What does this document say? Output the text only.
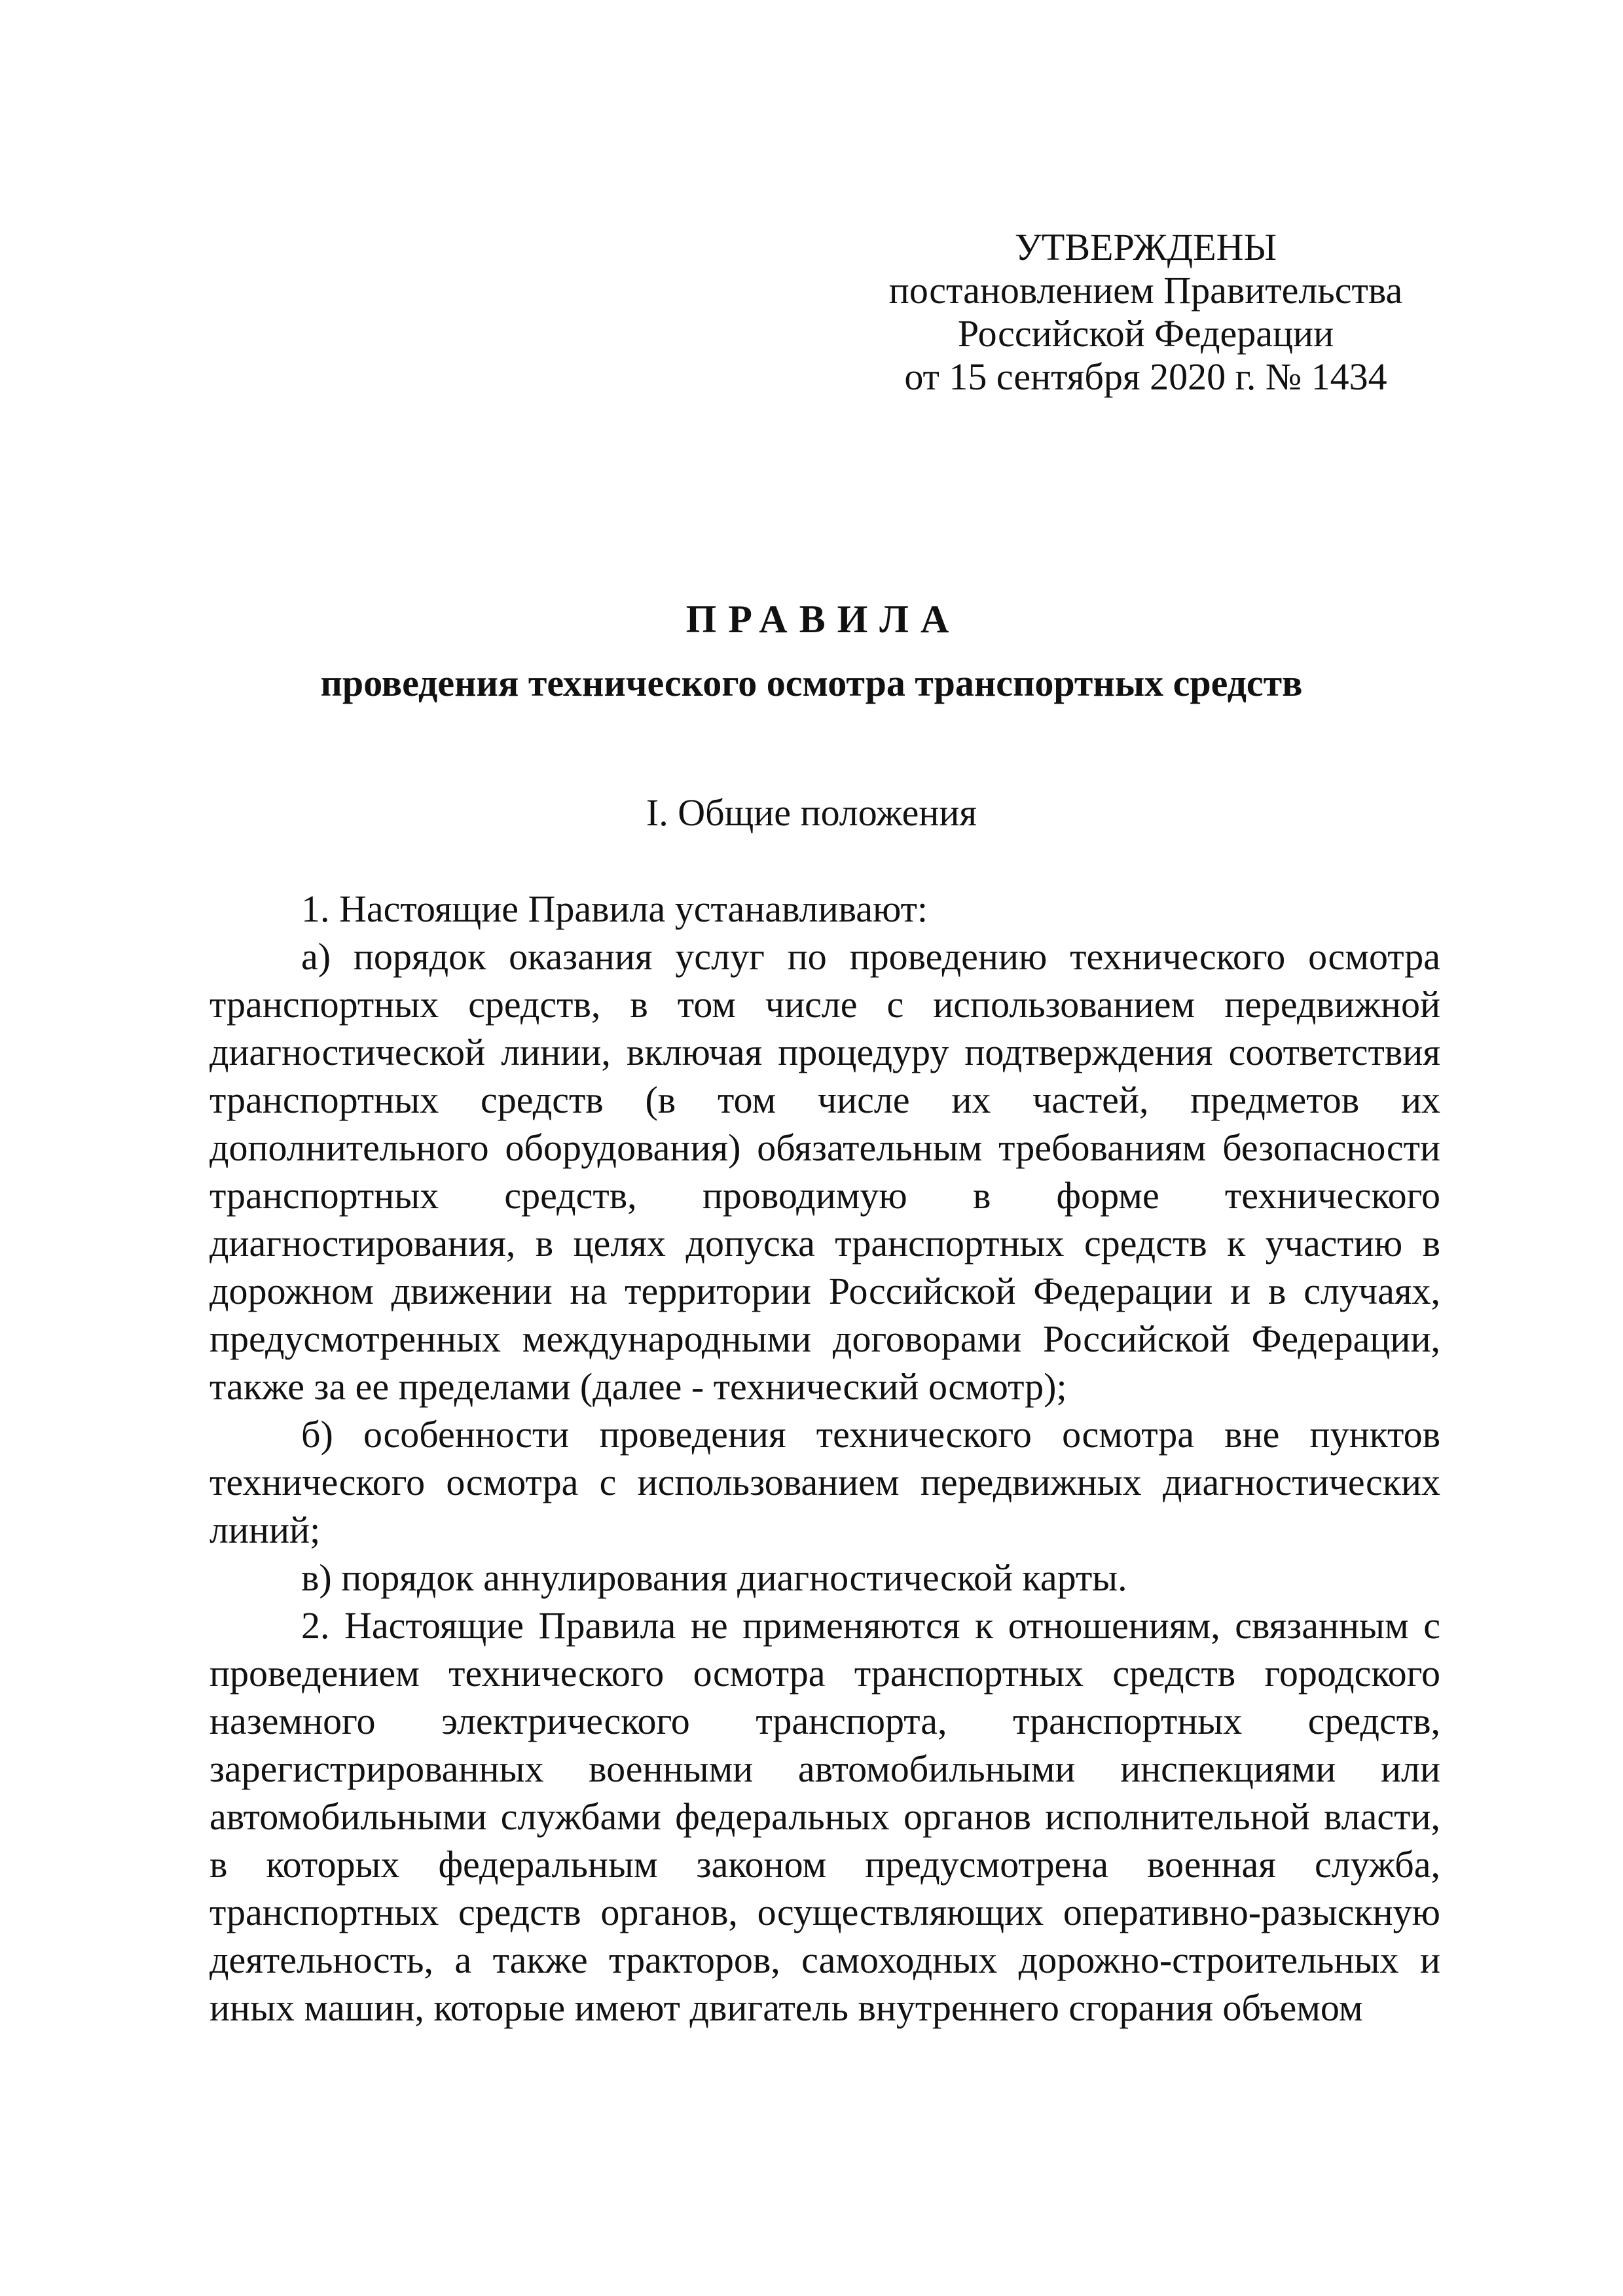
УТВЕРЖДЕНЫ
постановлением Правительства
Российской Федерации
от 15 сентября 2020 г. № 1434
ПРАВИЛА
проведения технического осмотра транспортных средств
I. Общие положения

1. Настоящие Правила устанавливают:

а) порядок оказания услуг по проведению технического осмотра транспортных средств, в том числе с использованием передвижной диагностической линии, включая процедуру подтверждения соответствия транспортных средств (в том числе их частей, предметов их дополнительного оборудования) обязательным требованиям безопасности транспортных средств, проводимую в форме технического диагностирования, в целях допуска транспортных средств к участию в дорожном движении на территории Российской Федерации и в случаях, предусмотренных международными договорами Российской Федерации, также за ее пределами (далее - технический осмотр);

б) особенности проведения технического осмотра вне пунктов технического осмотра с использованием передвижных диагностических линий;

в) порядок аннулирования диагностической карты.

2. Настоящие Правила не применяются к отношениям, связанным с проведением технического осмотра транспортных средств городского наземного электрического транспорта, транспортных средств, зарегистрированных военными автомобильными инспекциями или автомобильными службами федеральных органов исполнительной власти, в которых федеральным законом предусмотрена военная служба, транспортных средств органов, осуществляющих оперативно-разыскную деятельность, а также тракторов, самоходных дорожно-строительных и иных машин, которые имеют двигатель внутреннего сгорания объемом
